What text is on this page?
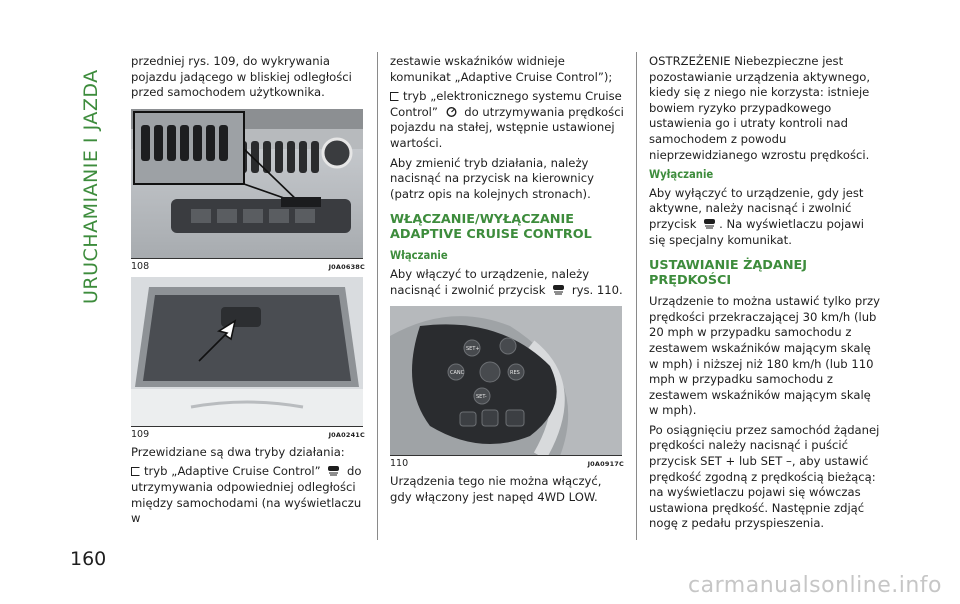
URUCHAMIANIE I JAZDA
160

przedniej rys. 109, do wykrywania pojazdu jadącego w bliskiej odległości przed samochodem użytkownika.

108	J0A0638C
109	J0A0241C

Przewidziane są dwa tryby działania:

tryb „Adaptive Cruise Control” do utrzymywania odpowiedniej odległości między samochodami (na wyświetlaczu w

zestawie wskaźników widnieje komunikat „Adaptive Cruise Control”);

tryb „elektronicznego systemu Cruise Control” do utrzymywania prędkości pojazdu na stałej, wstępnie ustawionej wartości.

Aby zmienić tryb działania, należy nacisnąć na przycisk na kierownicy (patrz opis na kolejnych stronach).

WŁĄCZANIE/WYŁĄCZANIE ADAPTIVE CRUISE CONTROL
Włączanie

Aby włączyć to urządzenie, należy nacisnąć i zwolnić przycisk rys. 110.

SET+
CANC	RES
SET-
110	J0A0917C

Urządzenia tego nie można włączyć, gdy włączony jest napęd 4WD LOW.

OSTRZEŻENIE Niebezpieczne jest pozostawianie urządzenia aktywnego, kiedy się z niego nie korzysta: istnieje bowiem ryzyko przypadkowego ustawienia go i utraty kontroli nad samochodem z powodu nieprzewidzianego wzrostu prędkości.

Wyłączanie

Aby wyłączyć to urządzenie, gdy jest aktywne, należy nacisnąć i zwolnić przycisk . Na wyświetlaczu pojawi się specjalny komunikat.

USTAWIANIE ŻĄDANEJ PRĘDKOŚCI

Urządzenie to można ustawić tylko przy prędkości przekraczającej 30 km/h (lub 20 mph w przypadku samochodu z zestawem wskaźników mającym skalę w mph) i niższej niż 180 km/h (lub 110 mph w przypadku samochodu z zestawem wskaźników mającym skalę w mph).

Po osiągnięciu przez samochód żądanej prędkości należy nacisnąć i puścić przycisk SET + lub SET –, aby ustawić prędkość zgodną z prędkością bieżącą: na wyświetlaczu pojawi się wówczas ustawiona prędkość. Następnie zdjąć nogę z pedału przyspieszenia.

carmanualsonline.info
